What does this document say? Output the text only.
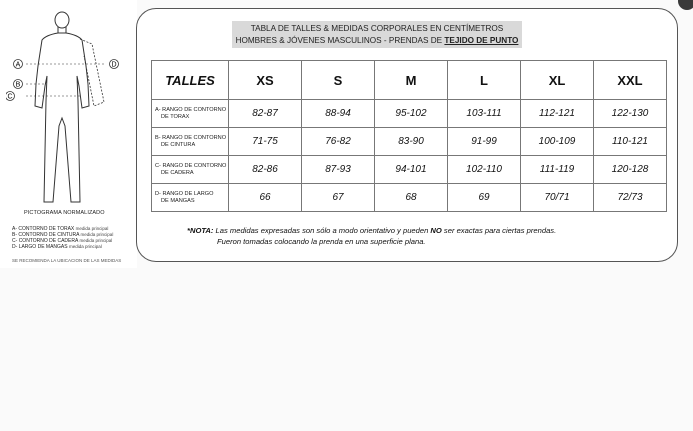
A
B
C
D
PICTOGRAMA NORMALIZADO
A- CONTORNO DE TORAX medida principal
B- CONTORNO DE CINTURA medida principal
C- CONTORNO DE CADERA medida principal
D- LARGO DE MANGAS medida principal
SE RECOMIENDA LA UBICACION DE LAS MEDIDAS
TABLA DE TALLES & MEDIDAS CORPORALES EN CENTÍMETROS
HOMBRES & JÓVENES MASCULINOS - PRENDAS DE TEJIDO DE PUNTO
TALLES	XS	S	M	L	XL	XXL

A- RANGO DE CONTORNO
DE TORAX	82-87	88-94	95-102	103-111	112-121	122-130

B- RANGO DE CONTORNO
DE CINTURA	71-75	76-82	83-90	91-99	100-109	110-121

C- RANGO DE CONTORNO
DE CADERA	82-86	87-93	94-101	102-110	111-119	120-128

D- RANGO DE LARGO
DE MANGAS	66	67	68	69	70/71	72/73
*NOTA: Las medidas expresadas son sólo a modo orientativo y pueden NO ser exactas para ciertas prendas.
Fueron tomadas colocando la prenda en una superficie plana.
